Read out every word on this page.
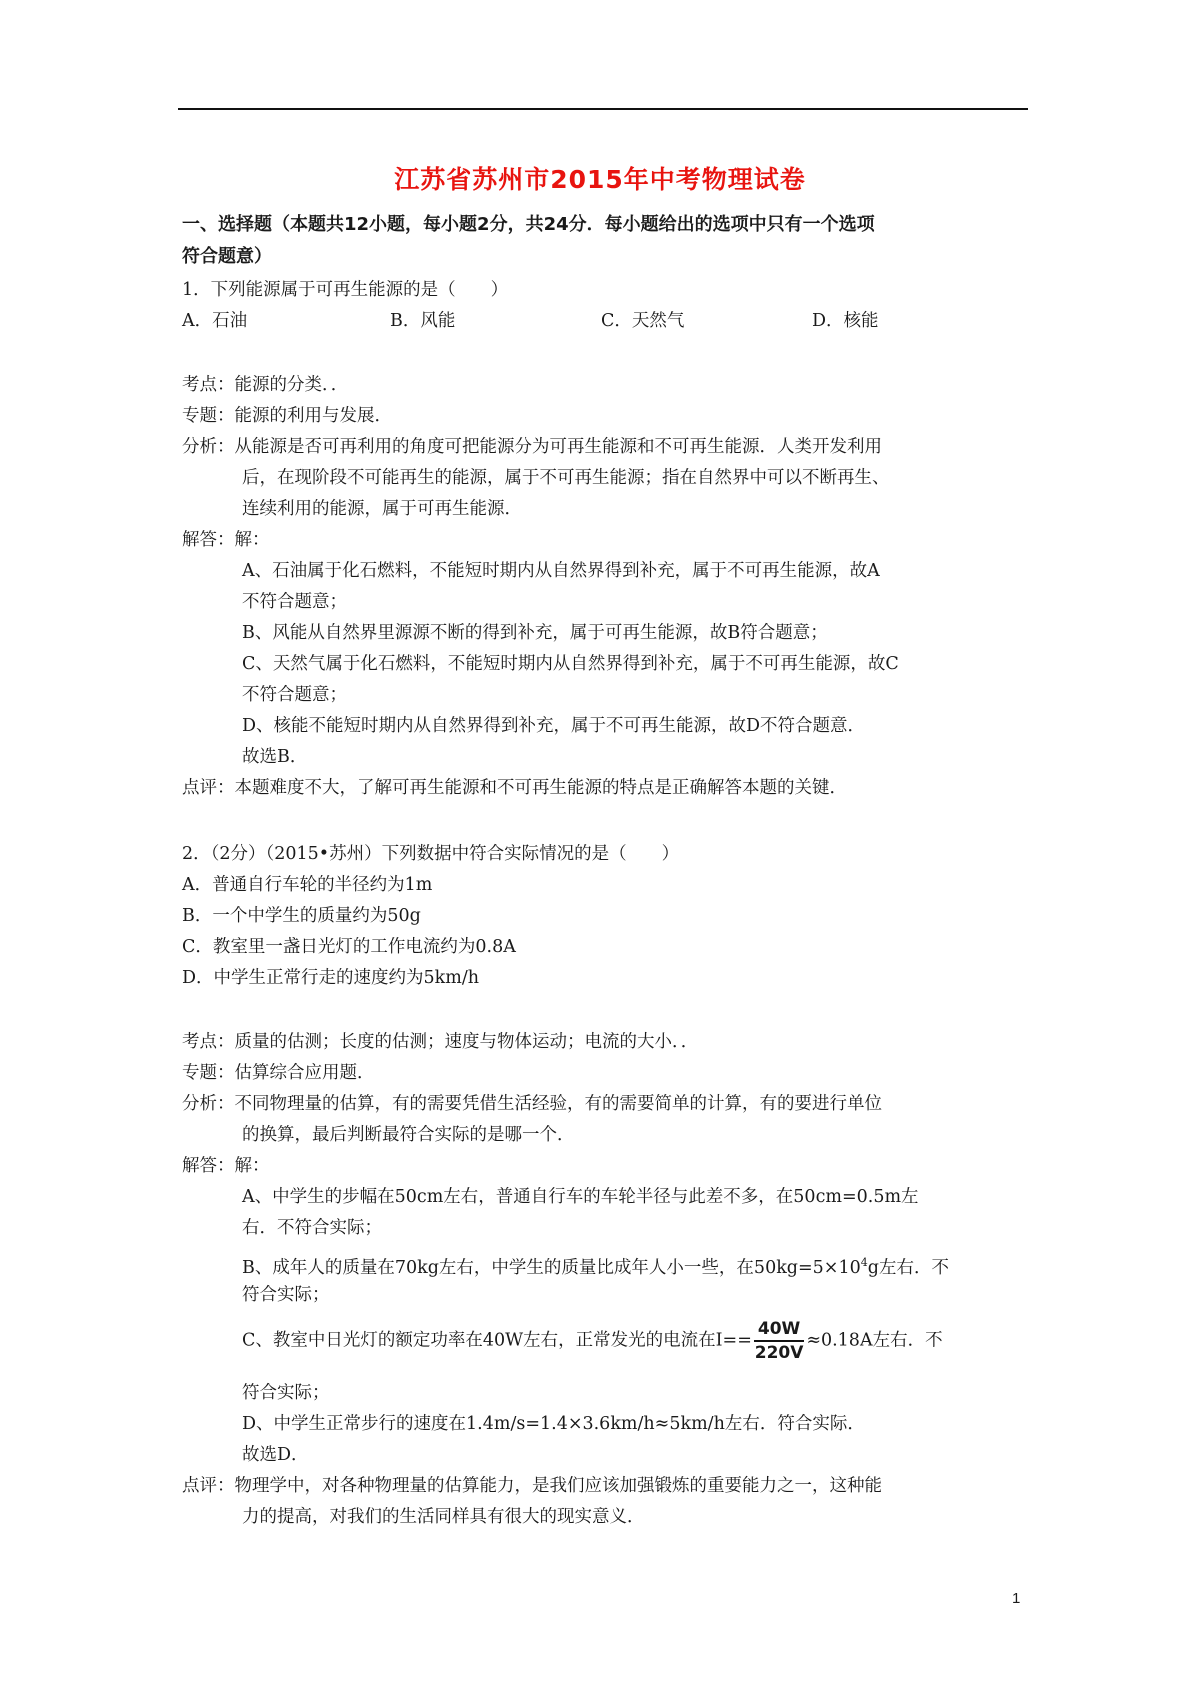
江苏省苏州市2015年中考物理试卷
一、选择题（本题共12小题，每小题2分，共24分．每小题给出的选项中只有一个选项
符合题意）
1．下列能源属于可再生能源的是（　　）
A．石油	B．风能	C．天然气	D．核能
考点：能源的分类．．
专题：能源的利用与发展．
分析：从能源是否可再利用的角度可把能源分为可再生能源和不可再生能源．人类开发利用
后，在现阶段不可能再生的能源，属于不可再生能源；指在自然界中可以不断再生、
连续利用的能源，属于可再生能源．
解答：解：
A、石油属于化石燃料，不能短时期内从自然界得到补充，属于不可再生能源，故A
不符合题意；
B、风能从自然界里源源不断的得到补充，属于可再生能源，故B符合题意；
C、天然气属于化石燃料，不能短时期内从自然界得到补充，属于不可再生能源，故C
不符合题意；
D、核能不能短时期内从自然界得到补充，属于不可再生能源，故D不符合题意．
故选B．
点评：本题难度不大，了解可再生能源和不可再生能源的特点是正确解答本题的关键．
2．（2分）（2015•苏州）下列数据中符合实际情况的是（　　）
A．普通自行车轮的半径约为1m
B．一个中学生的质量约为50g
C．教室里一盏日光灯的工作电流约为0.8A
D．中学生正常行走的速度约为5km/h
考点：质量的估测；长度的估测；速度与物体运动；电流的大小．．
专题：估算综合应用题．
分析：不同物理量的估算，有的需要凭借生活经验，有的需要简单的计算，有的要进行单位
的换算，最后判断最符合实际的是哪一个．
解答：解：
A、中学生的步幅在50cm左右，普通自行车的车轮半径与此差不多，在50cm=0.5m左
右．不符合实际；
B、成年人的质量在70kg左右，中学生的质量比成年人小一些，在$50kg=5\times 10^4g$左右．不
符合实际；
C、教室中日光灯的额定功率在40W左右，正常发光的电流在$I== \frac{40W}{220V} \approx 0.18A$左右．不
符合实际；
D、中学生正常步行的速度在1.4m/s=1.4×3.6km/h≈5km/h左右．符合实际．
故选D．
点评：物理学中，对各种物理量的估算能力，是我们应该加强锻炼的重要能力之一，这种能
力的提高，对我们的生活同样具有很大的现实意义．
1
